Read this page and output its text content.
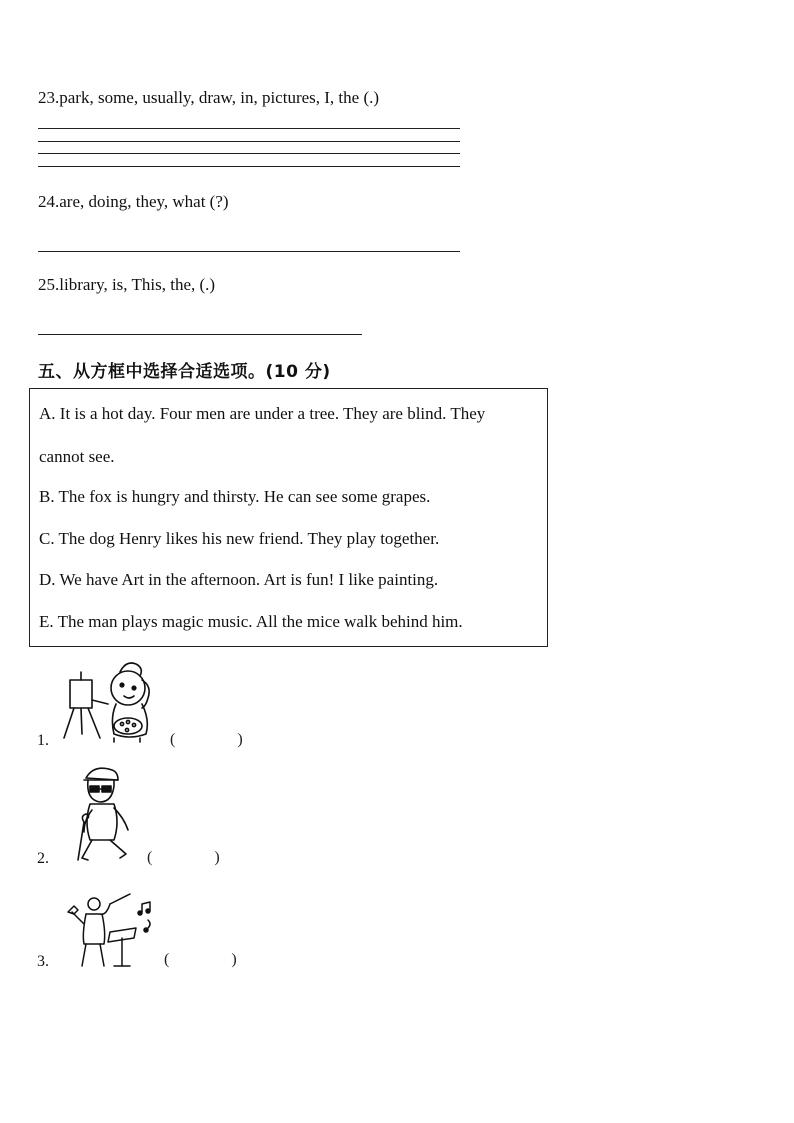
23.park, some, usually, draw, in, pictures, I, the (.)
24.are, doing, they, what (?)
25.library, is, This, the, (.)
五、从方框中选择合适选项。(10 分)
A. It is a hot day. Four men are under a tree. They are blind. They
cannot see.
B. The fox is hungry and thirsty. He can see some grapes.
C. The dog Henry likes his new friend. They play together.
D. We have Art in the afternoon. Art is fun! I like painting.
E. The man plays magic music. All the mice walk behind him.
1.	(	)
2.	(	)
3.	(	)
